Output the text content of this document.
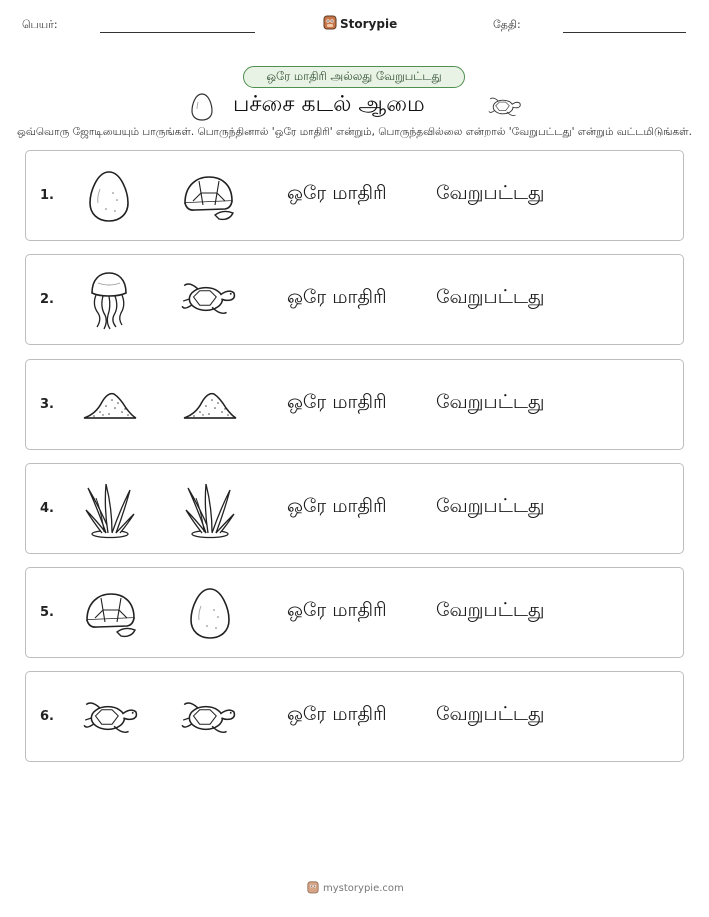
பெயர்:	Storypie	தேதி:
ஒரே மாதிரி அல்லது வேறுபட்டது
பச்சை கடல் ஆமை
ஒவ்வொரு ஜோடியையும் பாருங்கள். பொருந்தினால் 'ஒரே மாதிரி' என்றும், பொருந்தவில்லை என்றால் 'வேறுபட்டது' என்றும் வட்டமிடுங்கள்.
1.	ஒரே மாதிரி	வேறுபட்டது
2.	ஒரே மாதிரி	வேறுபட்டது
3.	ஒரே மாதிரி	வேறுபட்டது
4.	ஒரே மாதிரி	வேறுபட்டது
5.	ஒரே மாதிரி	வேறுபட்டது
6.	ஒரே மாதிரி	வேறுபட்டது
mystorypie.com
